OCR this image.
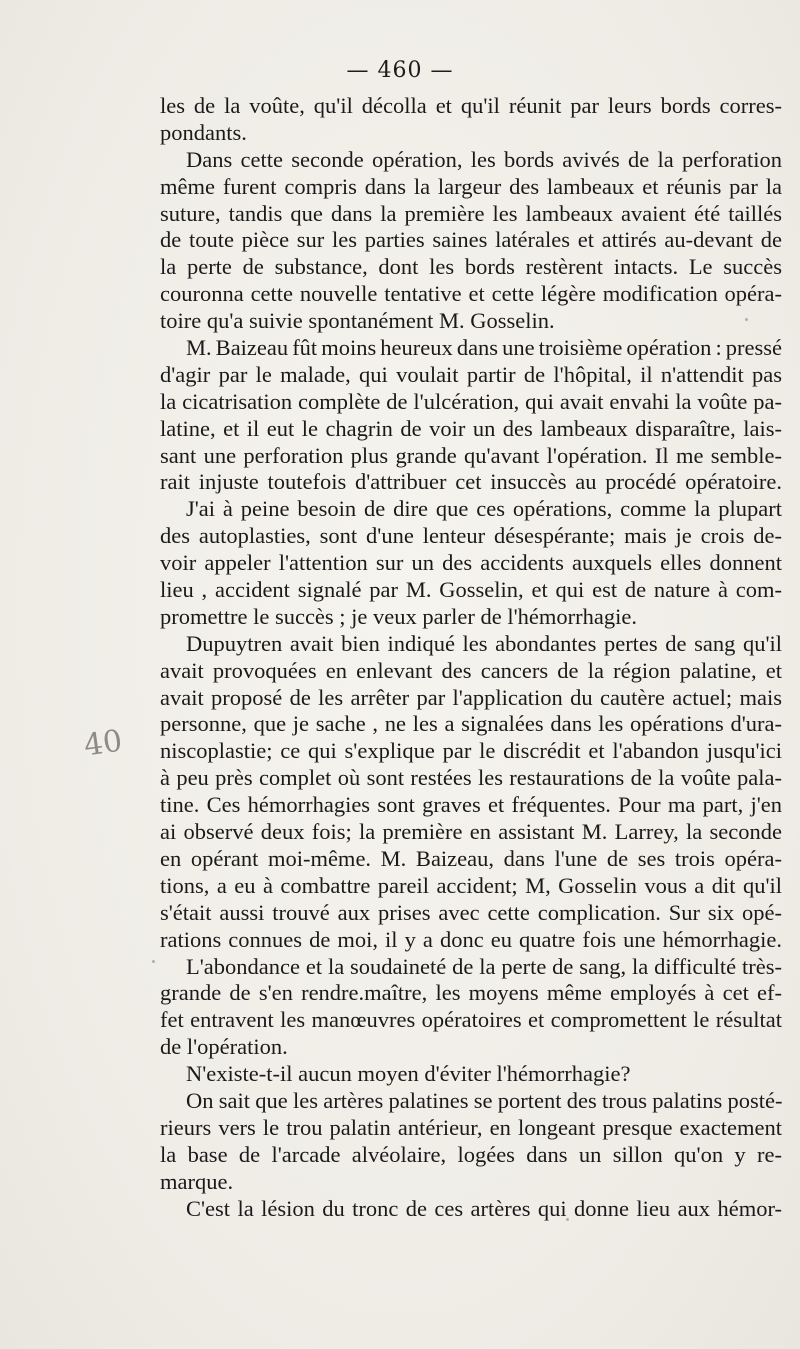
— 460 —
40
les de la voûte, qu'il décolla et qu'il réunit par leurs bords corres-
pondants.
Dans cette seconde opération, les bords avivés de la perforation
même furent compris dans la largeur des lambeaux et réunis par la
suture, tandis que dans la première les lambeaux avaient été taillés
de toute pièce sur les parties saines latérales et attirés au-devant de
la perte de substance, dont les bords restèrent intacts. Le succès
couronna cette nouvelle tentative et cette légère modification opéra-
toire qu'a suivie spontanément M. Gosselin.
M. Baizeau fût moins heureux dans une troisième opération : pressé
d'agir par le malade, qui voulait partir de l'hôpital, il n'attendit pas
la cicatrisation complète de l'ulcération, qui avait envahi la voûte pa-
latine, et il eut le chagrin de voir un des lambeaux disparaître, lais-
sant une perforation plus grande qu'avant l'opération. Il me semble-
rait injuste toutefois d'attribuer cet insuccès au procédé opératoire.
J'ai à peine besoin de dire que ces opérations, comme la plupart
des autoplasties, sont d'une lenteur désespérante; mais je crois de-
voir appeler l'attention sur un des accidents auxquels elles donnent
lieu , accident signalé par M. Gosselin, et qui est de nature à com-
promettre le succès ; je veux parler de l'hémorrhagie.
Dupuytren avait bien indiqué les abondantes pertes de sang qu'il
avait provoquées en enlevant des cancers de la région palatine, et
avait proposé de les arrêter par l'application du cautère actuel; mais
personne, que je sache , ne les a signalées dans les opérations d'ura-
niscoplastie; ce qui s'explique par le discrédit et l'abandon jusqu'ici
à peu près complet où sont restées les restaurations de la voûte pala-
tine. Ces hémorrhagies sont graves et fréquentes. Pour ma part, j'en
ai observé deux fois; la première en assistant M. Larrey, la seconde
en opérant moi-même. M. Baizeau, dans l'une de ses trois opéra-
tions, a eu à combattre pareil accident; M, Gosselin vous a dit qu'il
s'était aussi trouvé aux prises avec cette complication. Sur six opé-
rations connues de moi, il y a donc eu quatre fois une hémorrhagie.
L'abondance et la soudaineté de la perte de sang, la difficulté très-
grande de s'en rendre.maître, les moyens même employés à cet ef-
fet entravent les manœuvres opératoires et compromettent le résultat
de l'opération.
N'existe-t-il aucun moyen d'éviter l'hémorrhagie?
On sait que les artères palatines se portent des trous palatins posté-
rieurs vers le trou palatin antérieur, en longeant presque exactement
la base de l'arcade alvéolaire, logées dans un sillon qu'on y re-
marque.
C'est la lésion du tronc de ces artères qui donne lieu aux hémor-
